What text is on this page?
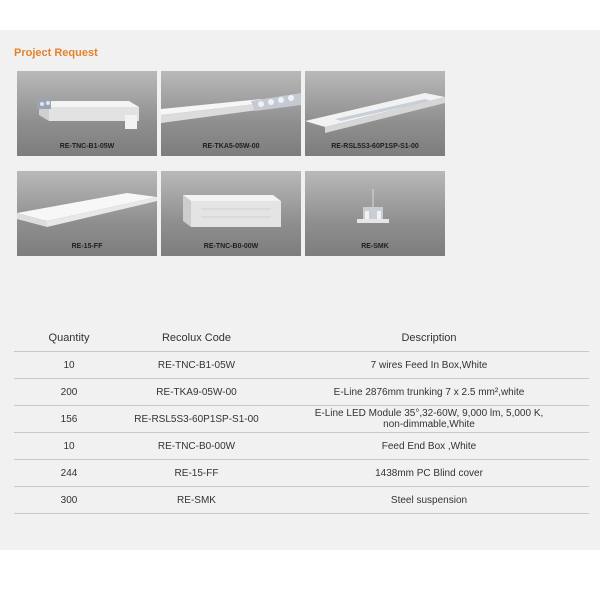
Project Request
RE-TNC-B1-05W	RE-TKA5-05W-00	RE-RSL5S3-60P1SP-S1-00
RE-15-FF	RE-TNC-B0-00W	RE-SMK
Quantity	Recolux Code	Description
10	RE-TNC-B1-05W	7 wires Feed In Box,White
200	RE-TKA9-05W-00	E-Line 2876mm trunking 7 x 2.5 mm²,white
156	RE-RSL5S3-60P1SP-S1-00	E-Line LED Module 35°,32-60W, 9,000 lm, 5,000 K,
non-dimmable,White
10	RE-TNC-B0-00W	Feed End Box ,White
244	RE-15-FF	1438mm PC Blind cover
300	RE-SMK	Steel suspension
